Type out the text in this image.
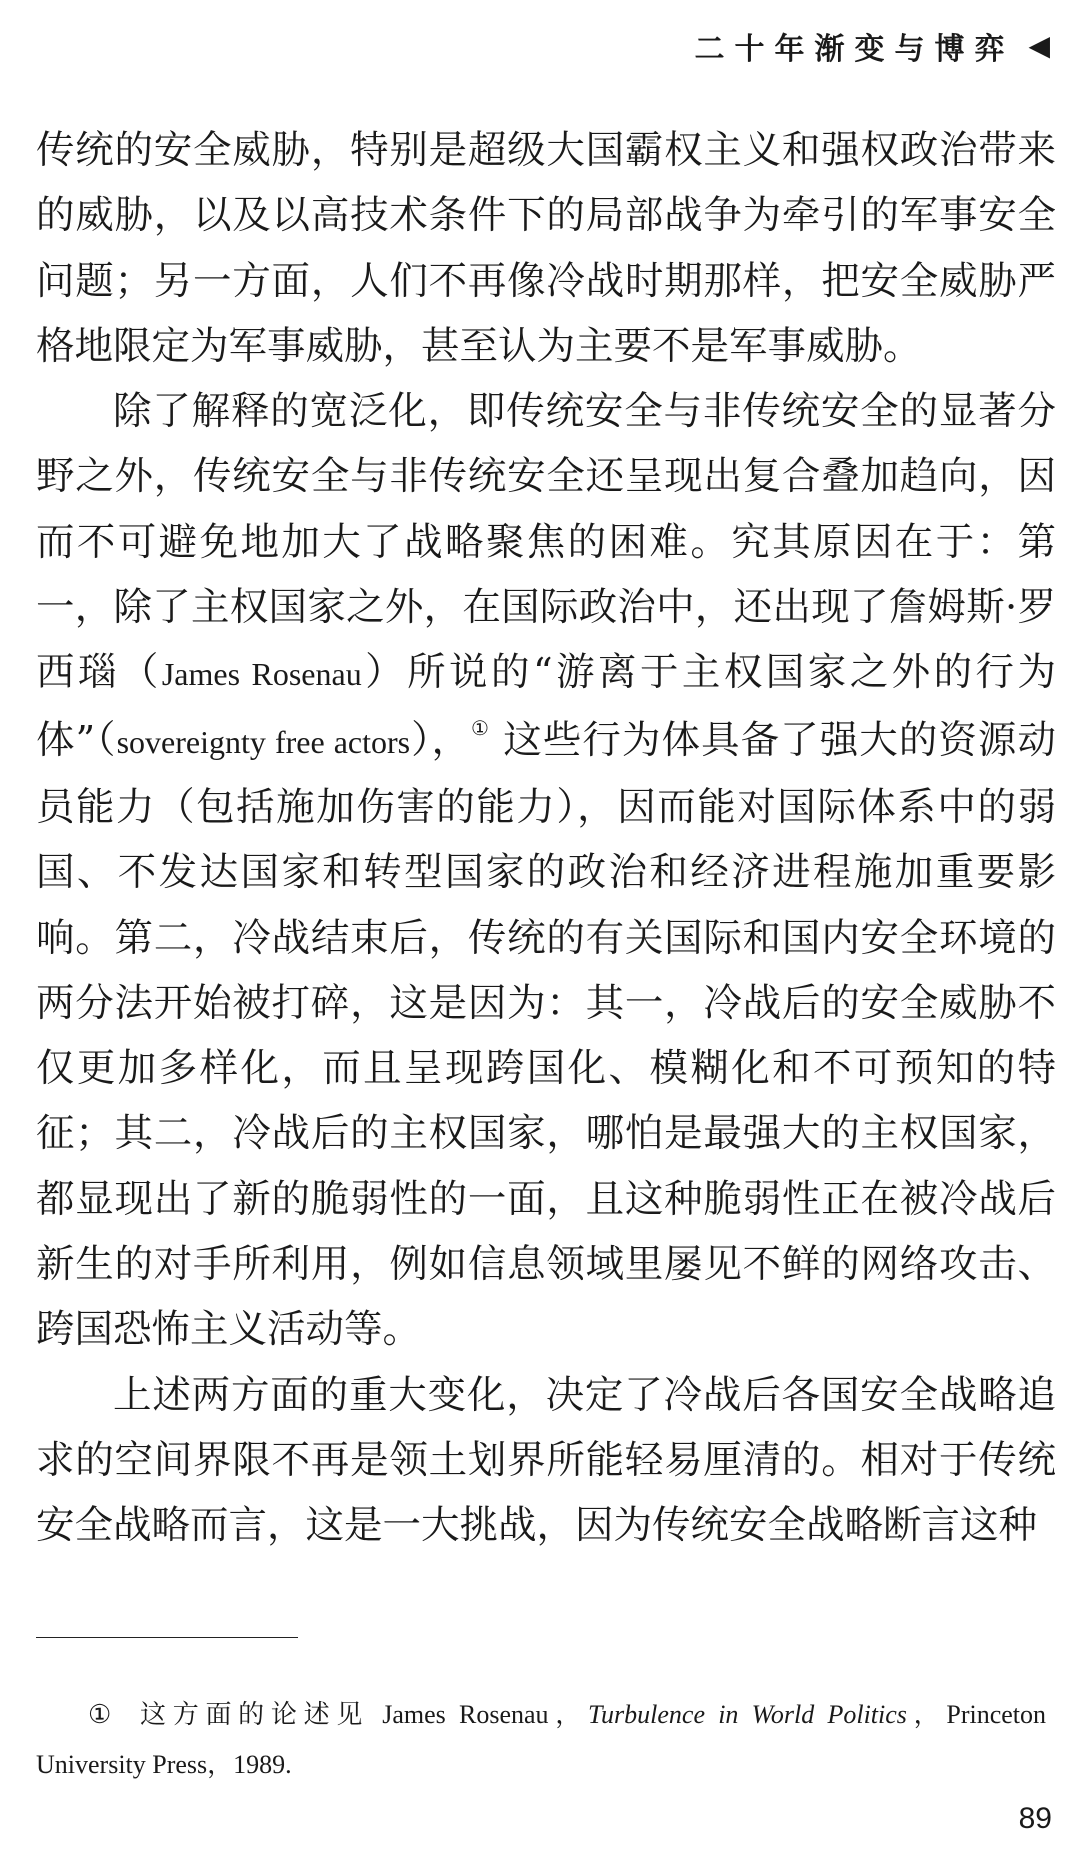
二十年渐变与博弈 ◀

传统的安全威胁，特别是超级大国霸权主义和强权政治带来的威胁，以及以高技术条件下的局部战争为牵引的军事安全问题；另一方面，人们不再像冷战时期那样，把安全威胁严格地限定为军事威胁，甚至认为主要不是军事威胁。

除了解释的宽泛化，即传统安全与非传统安全的显著分野之外，传统安全与非传统安全还呈现出复合叠加趋向，因而不可避免地加大了战略聚焦的困难。究其原因在于：第一，除了主权国家之外，在国际政治中，还出现了詹姆斯·罗西瑙（James Rosenau）所说的“游离于主权国家之外的行为体”（sovereignty free actors），① 这些行为体具备了强大的资源动员能力（包括施加伤害的能力），因而能对国际体系中的弱国、不发达国家和转型国家的政治和经济进程施加重要影响。第二，冷战结束后，传统的有关国际和国内安全环境的两分法开始被打碎，这是因为：其一，冷战后的安全威胁不仅更加多样化，而且呈现跨国化、模糊化和不可预知的特征；其二，冷战后的主权国家，哪怕是最强大的主权国家，都显现出了新的脆弱性的一面，且这种脆弱性正在被冷战后新生的对手所利用，例如信息领域里屡见不鲜的网络攻击、跨国恐怖主义活动等。

上述两方面的重大变化，决定了冷战后各国安全战略追求的空间界限不再是领土划界所能轻易厘清的。相对于传统安全战略而言，这是一大挑战，因为传统安全战略断言这种

① 这方面的论述见 James Rosenau，Turbulence in World Politics，Princeton University Press，1989.
89
